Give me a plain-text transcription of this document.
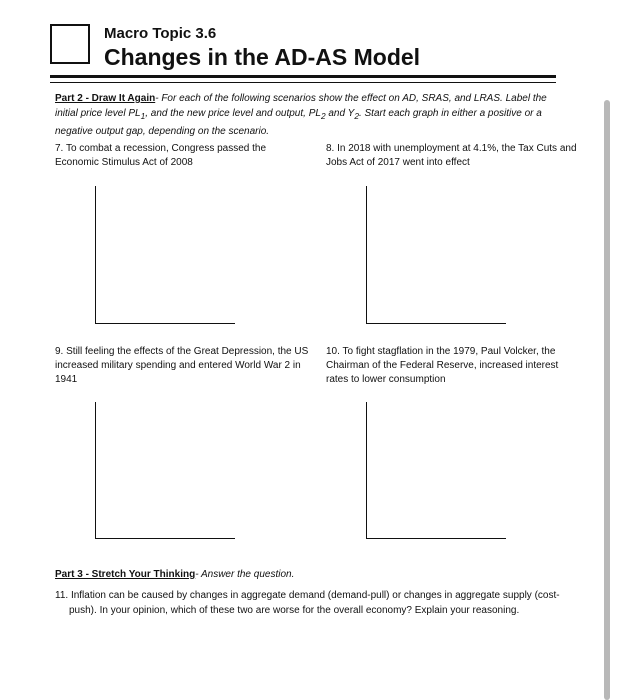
Macro Topic 3.6
Changes in the AD-AS Model
Part 2 - Draw It Again- For each of the following scenarios show the effect on AD, SRAS, and LRAS. Label the initial price level $PL_1$, and the new price level and output, $PL_2$ and $Y_2$. Start each graph in either a positive or a negative output gap, depending on the scenario.
7. To combat a recession, Congress passed the Economic Stimulus Act of 2008
8. In 2018 with unemployment at 4.1%, the Tax Cuts and Jobs Act of 2017 went into effect
9. Still feeling the effects of the Great Depression, the US increased military spending and entered World War 2 in 1941
10. To fight stagflation in the 1979, Paul Volcker, the Chairman of the Federal Reserve, increased interest rates to lower consumption
Part 3 - Stretch Your Thinking- Answer the question.
11. Inflation can be caused by changes in aggregate demand (demand-pull) or changes in aggregate supply (cost-push). In your opinion, which of these two are worse for the overall economy? Explain your reasoning.
